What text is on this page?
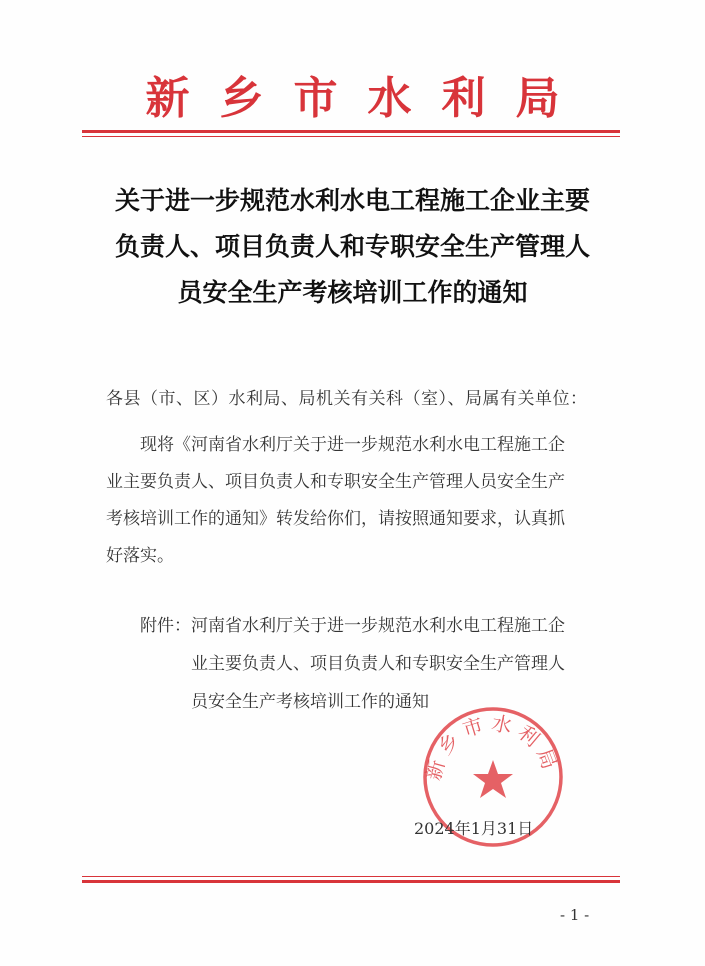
新乡市水利局
关于进一步规范水利水电工程施工企业主要
负责人、项目负责人和专职安全生产管理人
员安全生产考核培训工作的通知
各县（市、区）水利局、局机关有关科（室）、局属有关单位：
现将《河南省水利厅关于进一步规范水利水电工程施工企
业主要负责人、项目负责人和专职安全生产管理人员安全生产
考核培训工作的通知》转发给你们，请按照通知要求，认真抓
好落实。
附件：河南省水利厅关于进一步规范水利水电工程施工企
业主要负责人、项目负责人和专职安全生产管理人
员安全生产考核培训工作的通知
新乡市水利局
2024年1月31日
- 1 -
